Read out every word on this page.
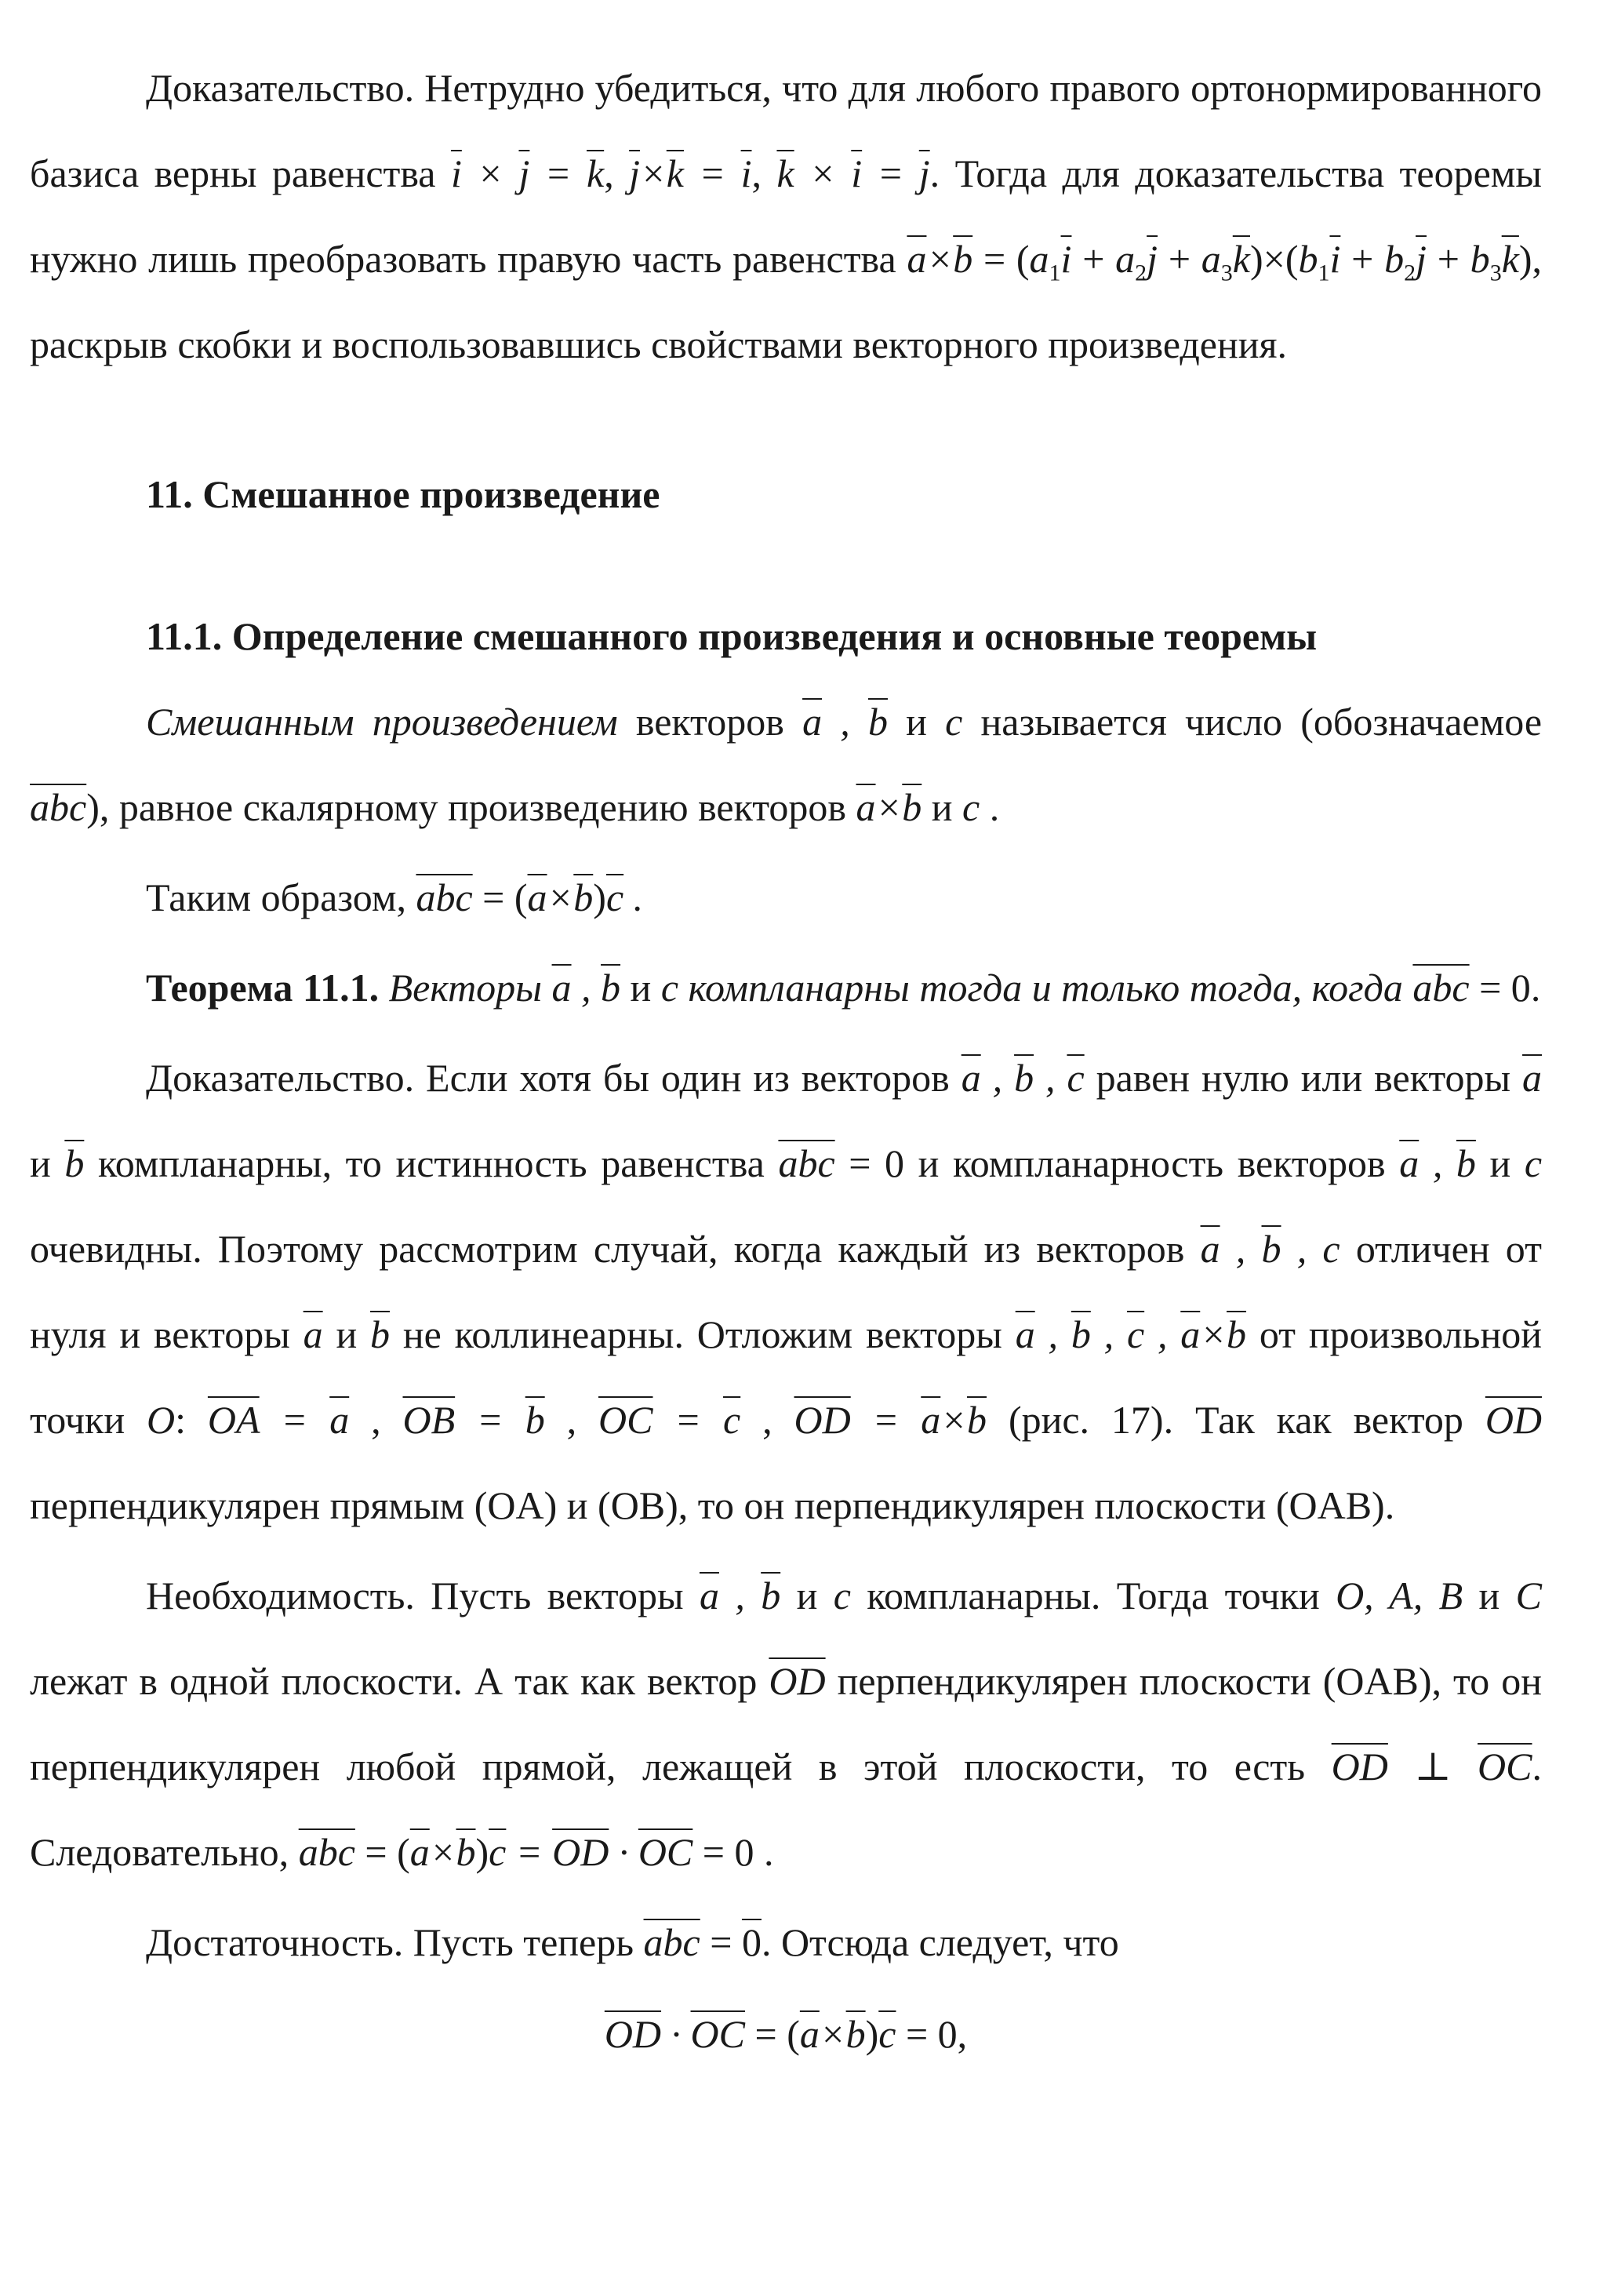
Доказательство. Нетрудно убедиться, что для любого правого ортонормированного базиса верны равенства $\overline{i} \times \overline{j} = \overline{k}$, $\overline{j}\times\overline{k} = \overline{i}$, $\overline{k} \times \overline{i} = \overline{j}$. Тогда для доказательства теоремы нужно лишь преобразовать правую часть равенства $\overline{a}\times\overline{b} = (a_1\overline{i} + a_2\overline{j} + a_3\overline{k})\times(b_1\overline{i} + b_2\overline{j} + b_3\overline{k})$, раскрыв скобки и воспользовавшись свойствами векторного произведения.

11. Смешанное произведение

11.1. Определение смешанного произведения и основные теоремы

Смешанным произведением векторов $\overline{a}$ , $\overline{b}$ и c называется число (обозначаемое $\overline{abc}$), равное скалярному произведению векторов $\overline{a}\times\overline{b}$ и c .

Таким образом, $\overline{abc} = (\overline{a}\times\overline{b})\overline{c}$ .

Теорема 11.1. Векторы $\overline{a}$ , $\overline{b}$ и c компланарны тогда и только тогда, когда $\overline{abc} = 0$.

Доказательство. Если хотя бы один из векторов $\overline{a}$ , $\overline{b}$ , $\overline{c}$ равен нулю или векторы $\overline{a}$ и $\overline{b}$ компланарны, то истинность равенства $\overline{abc} = 0$ и компланарность векторов $\overline{a}$ , $\overline{b}$ и c очевидны. Поэтому рассмотрим случай, когда каждый из векторов $\overline{a}$ , $\overline{b}$ , c отличен от нуля и векторы $\overline{a}$ и $\overline{b}$ не коллинеарны. Отложим векторы $\overline{a}$ , $\overline{b}$ , $\overline{c}$ , $\overline{a}\times\overline{b}$ от произвольной точки O: $\overline{OA} = \overline{a}$ , $\overline{OB} = \overline{b}$ , $\overline{OC} = \overline{c}$ , $\overline{OD} = \overline{a}\times\overline{b}$ (рис. 17). Так как вектор $\overline{OD}$ перпендикулярен прямым (OA) и (OB), то он перпендикулярен плоскости (OAB).

Необходимость. Пусть векторы $\overline{a}$ , $\overline{b}$ и c компланарны. Тогда точки O, A, B и C лежат в одной плоскости. А так как вектор $\overline{OD}$ перпендикулярен плоскости (OAB), то он перпендикулярен любой прямой, лежащей в этой плоскости, то есть $\overline{OD}$ ⊥ $\overline{OC}$. Следовательно, $\overline{abc} = (\overline{a}\times\overline{b})\overline{c} = \overline{OD} \cdot \overline{OC} = 0$ .

Достаточность. Пусть теперь $\overline{abc} = 0$. Отсюда следует, что

$\overline{OD} \cdot \overline{OC} = (\overline{a}\times\overline{b})\overline{c} = 0$,
